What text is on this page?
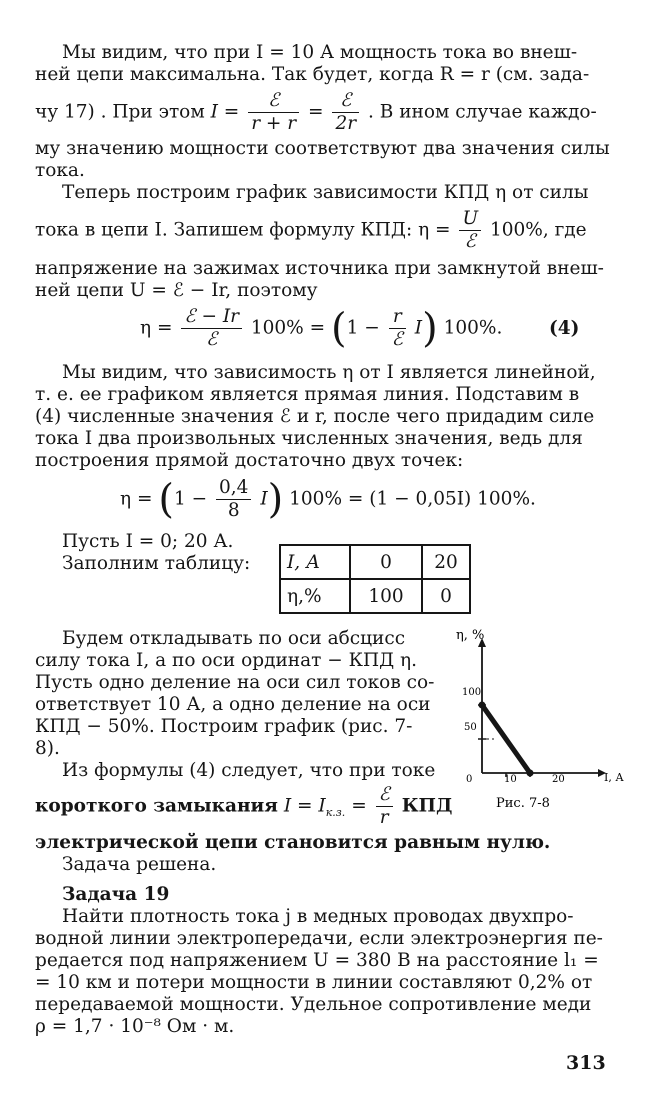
Мы видим, что при I = 10 А мощность тока во внеш-
ней цепи максимальна. Так будет, когда R = r (см. зада-
чу 17) . При этом $I = \frac{\text{ℰ}}{r + r} = \frac{\text{ℰ}}{2r}$ . В ином случае каждо-
му значению мощности соответствуют два значения силы
тока.
Теперь построим график зависимости КПД η от силы
тока в цепи I. Запишем формулу КПД: $\eta = \frac{U}{\text{ℰ}} 100\%$, где
напряжение на зажимах источника при замкнутой внеш-
ней цепи U = ℰ − Ir, поэтому
$\eta = \frac{\text{ℰ − Ir}}{\text{ℰ}} 100\% = (1 - \frac{r}{\text{ℰ}} I)$ 100%.	(4)
Мы видим, что зависимость η от I является линейной,
т. е. ее графиком является прямая линия. Подставим в
(4) численные значения ℰ и r, после чего придадим силе
тока I два произвольных численных значения, ведь для
построения прямой достаточно двух точек:
$\eta = (1 - \frac{0,4}{8} I)$ 100% = (1 − 0,05I) 100%.
Пусть I = 0; 20 А.
Заполним таблицу: I, А	0	20
η,%	100	0
Будем откладывать по оси абсцисс
силу тока I, а по оси ординат − КПД η.
Пусть одно деление на оси сил токов со-
ответствует 10 А, а одно деление на оси
КПД − 50%. Построим график (рис. 7-
8).
Из формулы (4) следует, что при токе
короткого замыкания $I = I_{к.з.} = \frac{\text{ℰ}}{r}$ КПД
электрической цепи становится равным нулю.
Задача решена.
Задача 19
Найти плотность тока j в медных проводах двухпро-
водной линии электропередачи, если электроэнергия пе-
редается под напряжением U = 380 В на расстояние l₁ =
= 10 км и потери мощности в линии составляют 0,2% от
передаваемой мощности. Удельное сопротивление меди
ρ = 1,7 · 10⁻⁸ Ом · м.
η, %
I, А
100
50
0	10	20
Рис. 7-8
313
